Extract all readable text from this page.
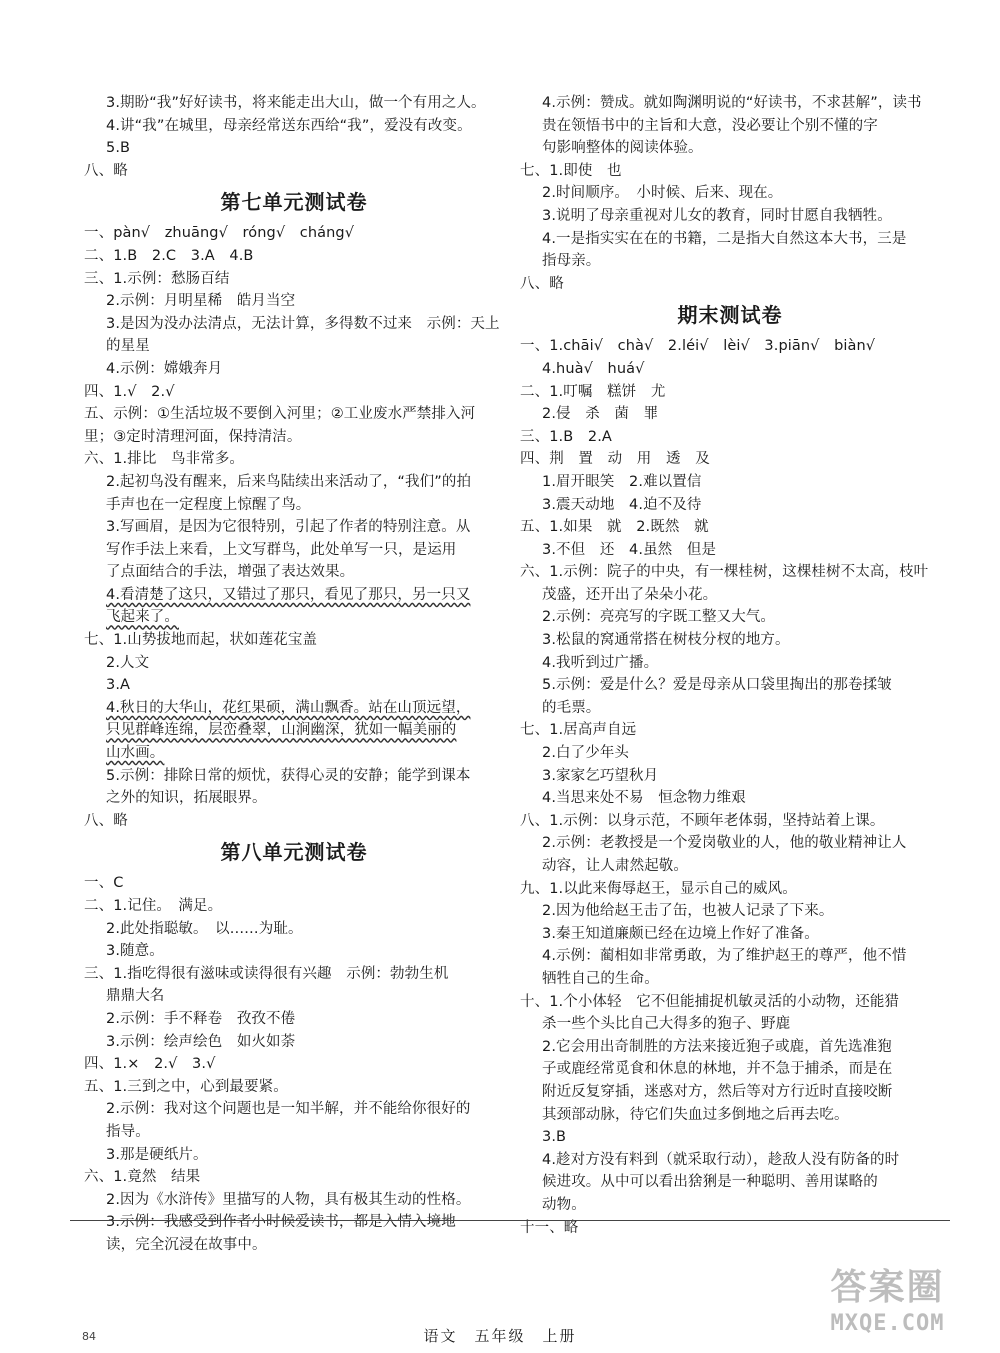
3.期盼“我”好好读书，将来能走出大山，做一个有用之人。
4.讲“我”在城里，母亲经常送东西给“我”，爱没有改变。
5.B
八、略
第七单元测试卷
一、pàn√　zhuāng√　róng√　cháng√
二、1.B　2.C　3.A　4.B
三、1.示例：愁肠百结
2.示例：月明星稀　皓月当空
3.是因为没办法清点，无法计算，多得数不过来　示例：天上
的星星
4.示例：嫦娥奔月
四、1.√　2.√
五、示例：①生活垃圾不要倒入河里；②工业废水严禁排入河
里；③定时清理河面，保持清洁。
六、1.排比　鸟非常多。
2.起初鸟没有醒来，后来鸟陆续出来活动了，“我们”的拍
手声也在一定程度上惊醒了鸟。
3.写画眉，是因为它很特别，引起了作者的特别注意。从
写作手法上来看，上文写群鸟，此处单写一只，是运用
了点面结合的手法，增强了表达效果。
4.看清楚了这只，又错过了那只，看见了那只，另一只又
飞起来了。
七、1.山势拔地而起，状如莲花宝盖
2.人文
3.A
4.秋日的大华山，花红果硕，满山飘香。站在山顶远望，
只见群峰连绵，层峦叠翠，山涧幽深，犹如一幅美丽的
山水画。
5.示例：排除日常的烦忧，获得心灵的安静；能学到课本
之外的知识，拓展眼界。
八、略
第八单元测试卷
一、C
二、1.记住。　满足。
2.此处指聪敏。　以……为耻。
3.随意。
三、1.指吃得很有滋味或读得很有兴趣　示例：勃勃生机
鼎鼎大名
2.示例：手不释卷　孜孜不倦
3.示例：绘声绘色　如火如荼
四、1.×　2.√　3.√
五、1.三到之中，心到最要紧。
2.示例：我对这个问题也是一知半解，并不能给你很好的
指导。
3.那是硬纸片。
六、1.竟然　结果
2.因为《水浒传》里描写的人物，具有极其生动的性格。
3.示例：我感受到作者小时候爱读书，都是入情入境地
读，完全沉浸在故事中。
4.示例：赞成。就如陶渊明说的“好读书，不求甚解”，读书
贵在领悟书中的主旨和大意，没必要让个别不懂的字
句影响整体的阅读体验。
七、1.即使　也
2.时间顺序。　小时候、后来、现在。
3.说明了母亲重视对儿女的教育，同时甘愿自我牺牲。
4.一是指实实在在的书籍，二是指大自然这本大书，三是
指母亲。
八、略
期末测试卷
一、1.chāi√　chà√　2.léi√　lèi√　3.piān√　biàn√
4.huà√　huá√
二、1.叮嘱　糕饼　尤
2.侵　杀　菌　罪
三、1.B　2.A
四、荆　置　动　用　透　及
1.眉开眼笑　2.难以置信
3.震天动地　4.迫不及待
五、1.如果　就　2.既然　就
3.不但　还　4.虽然　但是
六、1.示例：院子的中央，有一棵桂树，这棵桂树不太高，枝叶
茂盛，还开出了朵朵小花。
2.示例：亮亮写的字既工整又大气。
3.松鼠的窝通常搭在树枝分杈的地方。
4.我听到过广播。
5.示例：爱是什么？爱是母亲从口袋里掏出的那卷揉皱
的毛票。
七、1.居高声自远
2.白了少年头
3.家家乞巧望秋月
4.当思来处不易　恒念物力维艰
八、1.示例：以身示范，不顾年老体弱，坚持站着上课。
2.示例：老教授是一个爱岗敬业的人，他的敬业精神让人
动容，让人肃然起敬。
九、1.以此来侮辱赵王，显示自己的威风。
2.因为他给赵王击了缶，也被人记录了下来。
3.秦王知道廉颇已经在边境上作好了准备。
4.示例：蔺相如非常勇敢，为了维护赵王的尊严，他不惜
牺牲自己的生命。
十、1.个小体轻　它不但能捕捉机敏灵活的小动物，还能猎
杀一些个头比自己大得多的狍子、野鹿
2.它会用出奇制胜的方法来接近狍子或鹿，首先选准狍
子或鹿经常觅食和休息的林地，并不急于捕杀，而是在
附近反复穿插，迷惑对方，然后等对方行近时直接咬断
其颈部动脉，待它们失血过多倒地之后再去吃。
3.B
4.趁对方没有料到（就采取行动），趁敌人没有防备的时
候进攻。从中可以看出猞猁是一种聪明、善用谋略的
动物。
十一、略
84	语文　五年级　上册
答案圈
MXQE.COM
